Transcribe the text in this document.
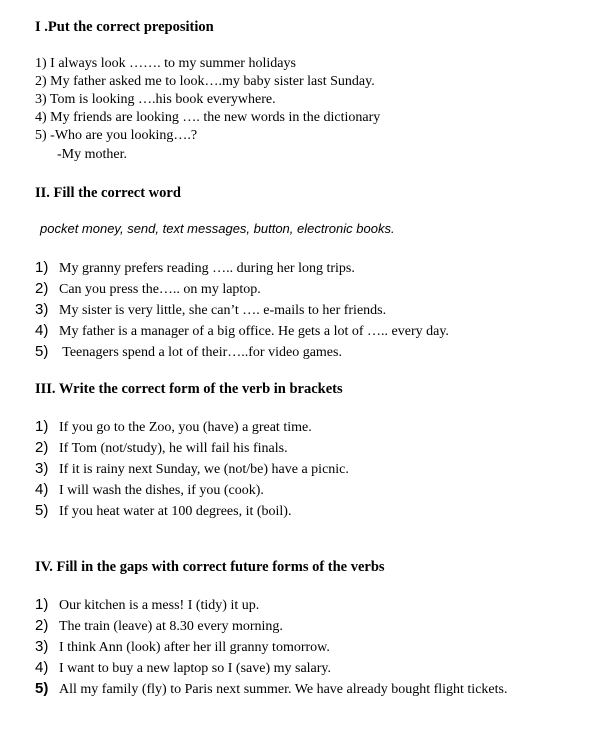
I .Put the correct preposition
1) I always look ……. to my summer holidays
2) My father asked me to look….my baby sister last Sunday.
3) Tom is looking ….his book everywhere.
4) My friends are looking …. the new words in the dictionary
5) -Who are you looking….?
-My mother.
II. Fill the correct word
pocket money, send, text messages, button, electronic books.
1) My granny prefers reading ….. during her long trips.
2) Can you press the….. on my laptop.
3) My sister is very little, she can’t …. e-mails to her friends.
4) My father is a manager of a big office. He gets a lot of ….. every day.
5) Teenagers spend a lot of their…..for video games.
III. Write the correct form of the verb in brackets
1) If you go to the Zoo, you (have) a great time.
2) If Tom (not/study), he will fail his finals.
3) If it is rainy next Sunday, we (not/be) have a picnic.
4) I will wash the dishes, if you (cook).
5) If you heat water at 100 degrees, it (boil).
IV. Fill in the gaps with correct future forms of the verbs
1) Our kitchen is a mess! I (tidy) it up.
2) The train (leave) at 8.30 every morning.
3) I think Ann (look) after her ill granny tomorrow.
4) I want to buy a new laptop so I (save) my salary.
5) All my family (fly) to Paris next summer. We have already bought flight tickets.
